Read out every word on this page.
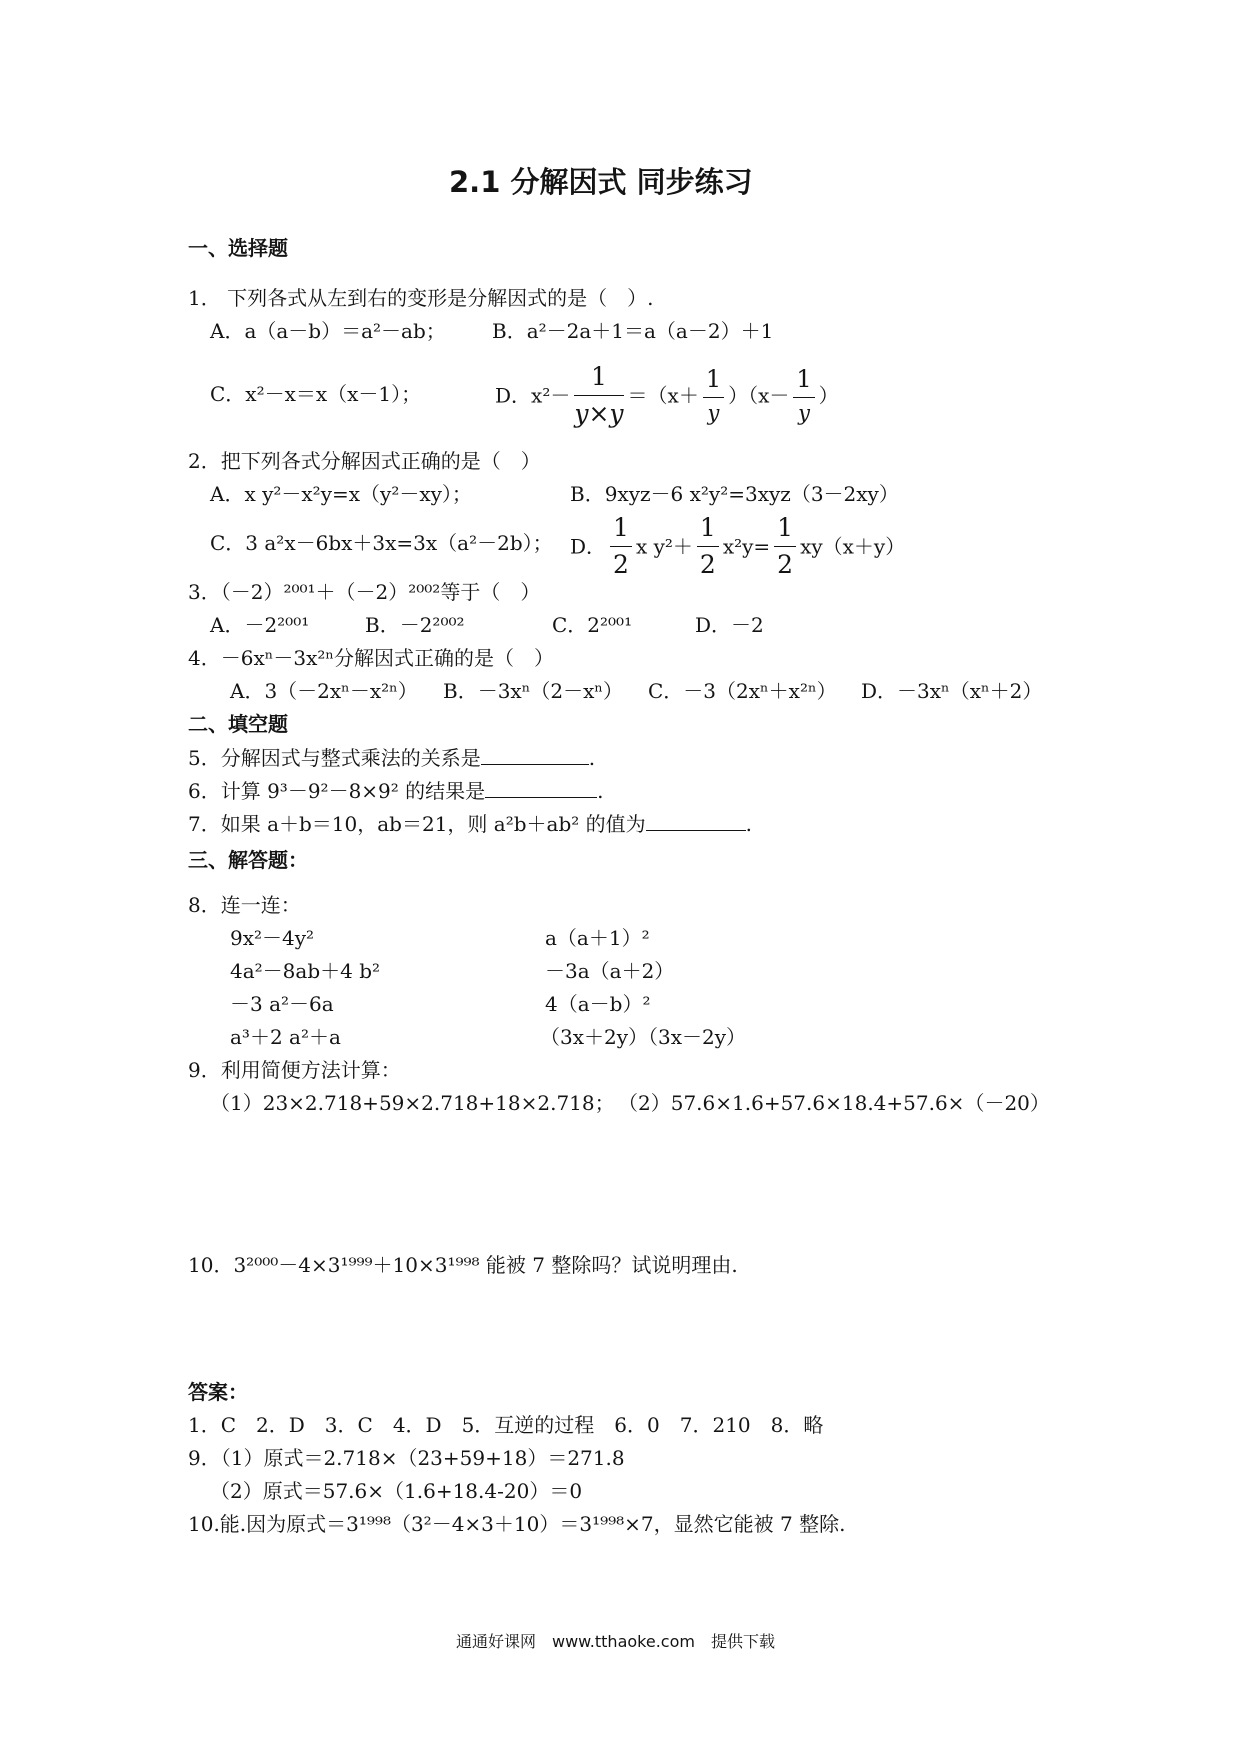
2.1 分解因式 同步练习
一、选择题
1． 下列各式从左到右的变形是分解因式的是（　）.
A．a（a－b）＝a²－ab； B．a²－2a＋1＝a（a－2）＋1
C．x²－x＝x（x－1）；	D．$x^2- \frac{1}{y\times y} =(x+ \frac{1}{y} )(x- \frac{1}{y}$ ）
2．把下列各式分解因式正确的是（　）
A．x y²－x²y=x（y²－xy）；	B．9xyz－6 x²y²=3xyz（3－2xy）
C．3 a²x－6bx＋3x=3x（a²－2b）； D． $\frac{1}{2}$ x $y^2+ \frac{1}{2} x^2y= \frac{1}{2} xy(x+y)$
3．（－2）²⁰⁰¹＋（－2）²⁰⁰²等于（　）
A．－2²⁰⁰¹	B．－2²⁰⁰²	C．2²⁰⁰¹	D．－2
4．－6xⁿ－3x²ⁿ分解因式正确的是（　）
A．3（－2xⁿ－x²ⁿ） B．－3xⁿ（2－xⁿ） C．－3（2xⁿ＋x²ⁿ） D．－3xⁿ（xⁿ＋2）
二、填空题
5．分解因式与整式乘法的关系是	.
6．计算 9³－9²－8×9² 的结果是	.
7．如果 a＋b＝10，ab＝21，则 a²b＋ab² 的值为	.
三、解答题：
8．连一连：
9x²－4y²
4a²－8ab＋4 b²
－3 a²－6a
a³＋2 a²＋a
a（a＋1）²
－3a（a＋2）
4（a－b）²
（3x＋2y）（3x－2y）
9．利用简便方法计算：
（1）23×2.718+59×2.718+18×2.718； （2）57.6×1.6+57.6×18.4+57.6×（－20）
10．3²⁰⁰⁰－4×3¹⁹⁹⁹＋10×3¹⁹⁹⁸ 能被 7 整除吗？试说明理由.
答案：
1．C　2．D　3．C　4．D　5．互逆的过程　6．0　7．210　8．略
9．（1）原式＝2.718×（23+59+18）＝271.8
（2）原式＝57.6×（1.6+18.4-20）＝0
10.能.因为原式＝3¹⁹⁹⁸（3²－4×3＋10）＝3¹⁹⁹⁸×7，显然它能被 7 整除.
通通好课网　www.tthaoke.com　提供下载
